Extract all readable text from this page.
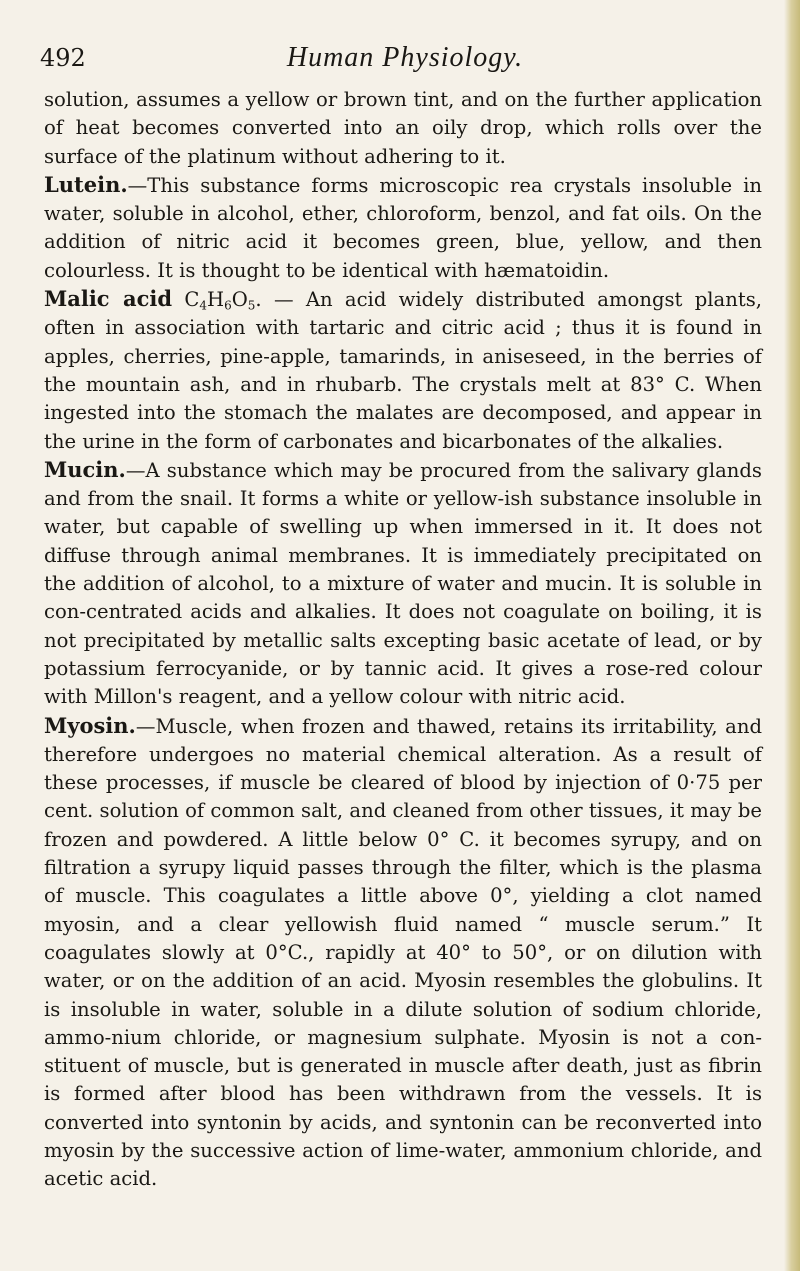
492	Human Physiology.

solution, assumes a yellow or brown tint, and on the further application of heat becomes converted into an oily drop, which rolls over the surface of the platinum without adhering to it.

Lutein.—This substance forms microscopic rea crystals insoluble in water, soluble in alcohol, ether, chloroform, benzol, and fat oils. On the addition of nitric acid it becomes green, blue, yellow, and then colourless. It is thought to be identical with hæmatoidin.

Malic acid $C_4H_6O_5$. — An acid widely distributed amongst plants, often in association with tartaric and citric acid ; thus it is found in apples, cherries, pine-apple, tamarinds, in aniseseed, in the berries of the mountain ash, and in rhubarb. The crystals melt at 83° C. When ingested into the stomach the malates are decomposed, and appear in the urine in the form of carbonates and bicarbonates of the alkalies.

Mucin.—A substance which may be procured from the salivary glands and from the snail. It forms a white or yellow-ish substance insoluble in water, but capable of swelling up when immersed in it. It does not diffuse through animal membranes. It is immediately precipitated on the addition of alcohol, to a mixture of water and mucin. It is soluble in con-centrated acids and alkalies. It does not coagulate on boiling, it is not precipitated by metallic salts excepting basic acetate of lead, or by potassium ferrocyanide, or by tannic acid. It gives a rose-red colour with Millon's reagent, and a yellow colour with nitric acid.

Myosin.—Muscle, when frozen and thawed, retains its irritability, and therefore undergoes no material chemical alteration. As a result of these processes, if muscle be cleared of blood by injection of 0·75 per cent. solution of common salt, and cleaned from other tissues, it may be frozen and powdered. A little below 0° C. it becomes syrupy, and on filtration a syrupy liquid passes through the filter, which is the plasma of muscle. This coagulates a little above 0°, yielding a clot named myosin, and a clear yellowish fluid named “ muscle serum.” It coagulates slowly at 0°C., rapidly at 40° to 50°, or on dilution with water, or on the addition of an acid. Myosin resembles the globulins. It is insoluble in water, soluble in a dilute solution of sodium chloride, ammo-nium chloride, or magnesium sulphate. Myosin is not a con-stituent of muscle, but is generated in muscle after death, just as fibrin is formed after blood has been withdrawn from the vessels. It is converted into syntonin by acids, and syntonin can be reconverted into myosin by the successive action of lime-water, ammonium chloride, and acetic acid.
